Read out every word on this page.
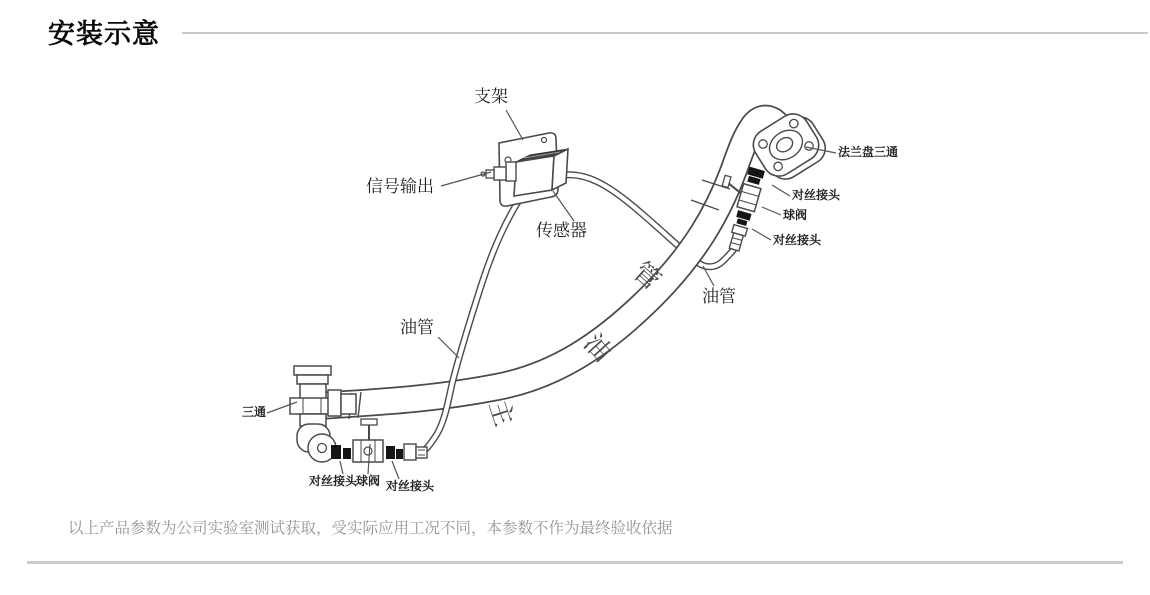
安装示意
支架
信号输出
传感器
法兰盘三通
对丝接头
球阀
对丝接头
油管
油管
三通
对丝接头
球阀 对丝接头
主
油
管
以上产品参数为公司实验室测试获取，受实际应用工况不同，本参数不作为最终验收依据
